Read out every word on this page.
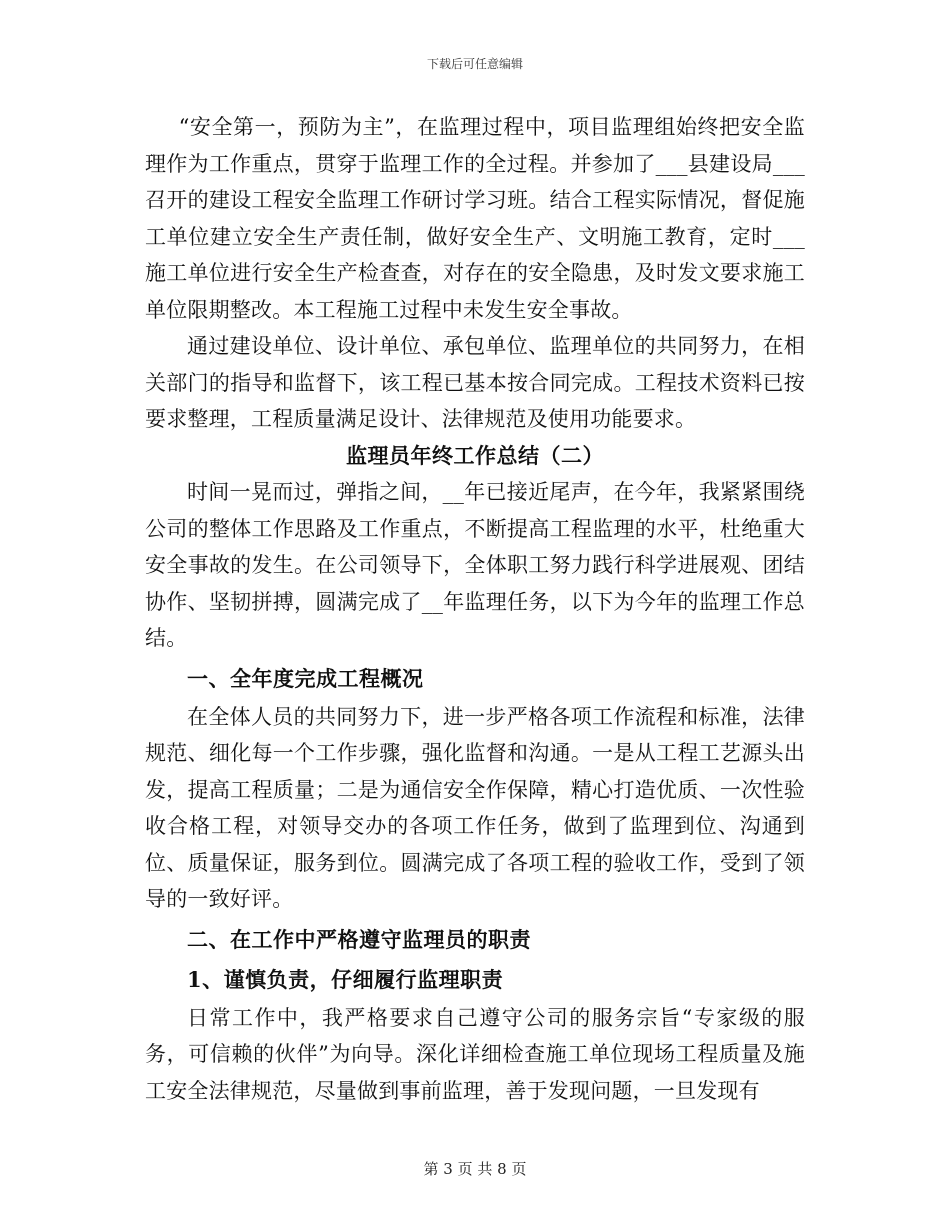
下载后可任意编辑

“安全第一，预防为主”，在监理过程中，项目监理组始终把安全监理作为工作重点，贯穿于监理工作的全过程。并参加了___县建设局___召开的建设工程安全监理工作研讨学习班。结合工程实际情况，督促施工单位建立安全生产责任制，做好安全生产、文明施工教育，定时___施工单位进行安全生产检查查，对存在的安全隐患，及时发文要求施工单位限期整改。本工程施工过程中未发生安全事故。

通过建设单位、设计单位、承包单位、监理单位的共同努力，在相关部门的指导和监督下，该工程已基本按合同完成。工程技术资料已按要求整理，工程质量满足设计、法律规范及使用功能要求。

监理员年终工作总结（二）

时间一晃而过，弹指之间，__年已接近尾声，在今年，我紧紧围绕公司的整体工作思路及工作重点，不断提高工程监理的水平，杜绝重大安全事故的发生。在公司领导下，全体职工努力践行科学进展观、团结协作、坚韧拼搏，圆满完成了__年监理任务，以下为今年的监理工作总结。

一、全年度完成工程概况

在全体人员的共同努力下，进一步严格各项工作流程和标准，法律规范、细化每一个工作步骤，强化监督和沟通。一是从工程工艺源头出发，提高工程质量；二是为通信安全作保障，精心打造优质、一次性验收合格工程，对领导交办的各项工作任务，做到了监理到位、沟通到位、质量保证，服务到位。圆满完成了各项工程的验收工作，受到了领导的一致好评。

二、在工作中严格遵守监理员的职责
1、谨慎负责，仔细履行监理职责

日常工作中，我严格要求自己遵守公司的服务宗旨“专家级的服务，可信赖的伙伴”为向导。深化详细检查施工单位现场工程质量及施工安全法律规范，尽量做到事前监理，善于发现问题，一旦发现有

第 3 页 共 8 页
